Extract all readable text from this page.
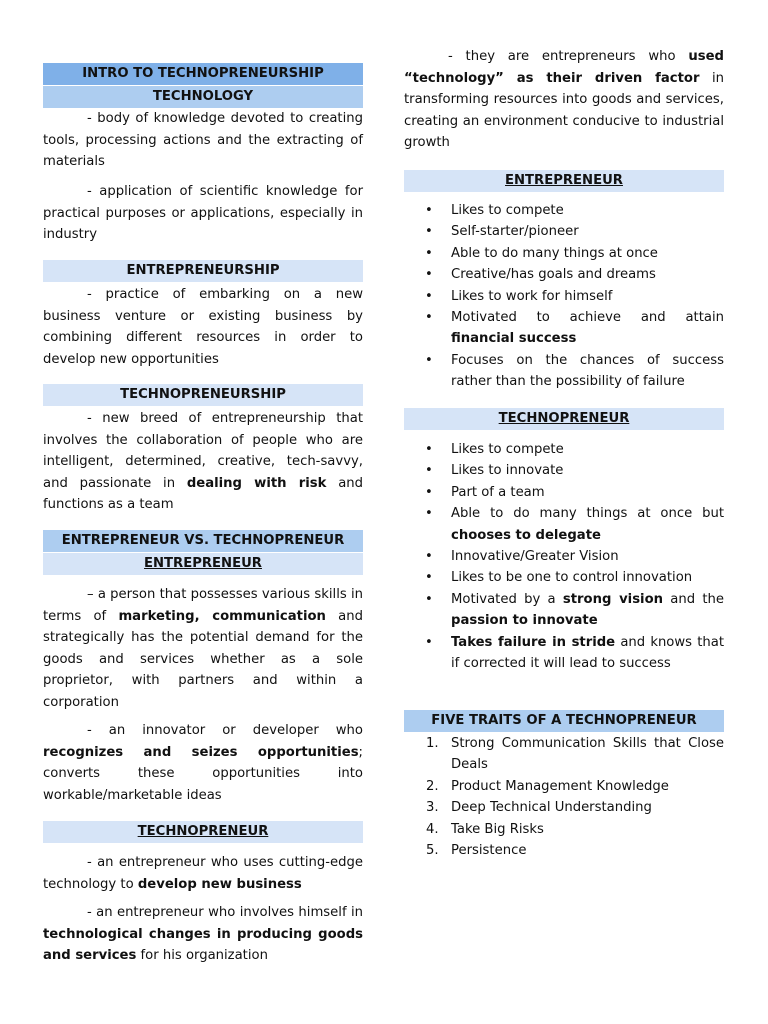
INTRO TO TECHNOPRENEURSHIP
TECHNOLOGY

- body of knowledge devoted to creating tools, processing actions and the extracting of materials

- application of scientific knowledge for practical purposes or applications, especially in industry

ENTREPRENEURSHIP

- practice of embarking on a new business venture or existing business by combining different resources in order to develop new opportunities

TECHNOPRENEURSHIP

- new breed of entrepreneurship that involves the collaboration of people who are intelligent, determined, creative, tech-savvy, and passionate in dealing with risk and functions as a team

ENTREPRENEUR VS. TECHNOPRENEUR
ENTREPRENEUR

– a person that possesses various skills in terms of marketing, communication and strategically has the potential demand for the goods and services whether as a sole proprietor, with partners and within a corporation

- an innovator or developer who recognizes and seizes opportunities; converts these opportunities into workable/marketable ideas

TECHNOPRENEUR

- an entrepreneur who uses cutting-edge technology to develop new business

- an entrepreneur who involves himself in technological changes in producing goods and services for his organization

- they are entrepreneurs who used “technology” as their driven factor in transforming resources into goods and services, creating an environment conducive to industrial growth

ENTREPRENEUR
• Likes to compete
• Self-starter/pioneer
• Able to do many things at once
• Creative/has goals and dreams
• Likes to work for himself
• Motivated to achieve and attain financial success
• Focuses on the chances of success rather than the possibility of failure
TECHNOPRENEUR
• Likes to compete
• Likes to innovate
• Part of a team
• Able to do many things at once but chooses to delegate
• Innovative/Greater Vision
• Likes to be one to control innovation
• Motivated by a strong vision and the passion to innovate
• Takes failure in stride and knows that if corrected it will lead to success
FIVE TRAITS OF A TECHNOPRENEUR
1. Strong Communication Skills that Close Deals
2. Product Management Knowledge
3. Deep Technical Understanding
4. Take Big Risks
5. Persistence
